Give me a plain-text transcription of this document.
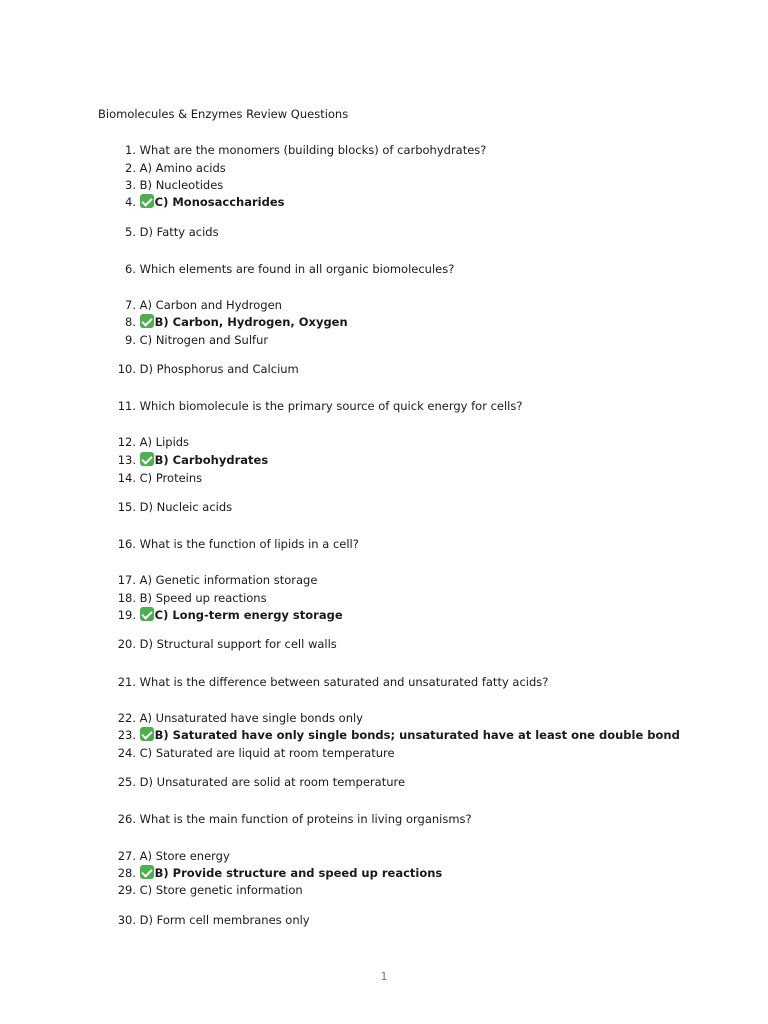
Biomolecules & Enzymes Review Questions
1. What are the monomers (building blocks) of carbohydrates?
2. A) Amino acids
3. B) Nucleotides
4. C) Monosaccharides
5. D) Fatty acids
6. Which elements are found in all organic biomolecules?
7. A) Carbon and Hydrogen
8. B) Carbon, Hydrogen, Oxygen
9. C) Nitrogen and Sulfur
10. D) Phosphorus and Calcium
11. Which biomolecule is the primary source of quick energy for cells?
12. A) Lipids
13. B) Carbohydrates
14. C) Proteins
15. D) Nucleic acids
16. What is the function of lipids in a cell?
17. A) Genetic information storage
18. B) Speed up reactions
19. C) Long-term energy storage
20. D) Structural support for cell walls
21. What is the difference between saturated and unsaturated fatty acids?
22. A) Unsaturated have single bonds only
23. B) Saturated have only single bonds; unsaturated have at least one double bond
24. C) Saturated are liquid at room temperature
25. D) Unsaturated are solid at room temperature
26. What is the main function of proteins in living organisms?
27. A) Store energy
28. B) Provide structure and speed up reactions
29. C) Store genetic information
30. D) Form cell membranes only
1
